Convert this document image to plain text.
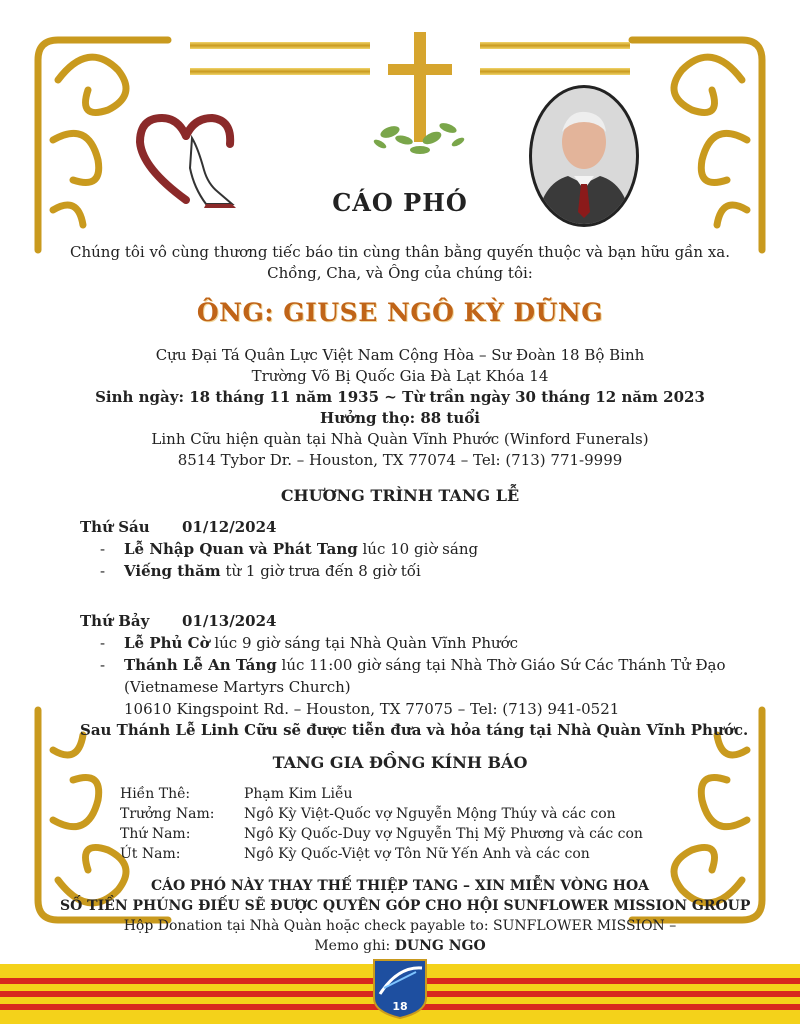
CÁO PHÓ
Chúng tôi vô cùng thương tiếc báo tin cùng thân bằng quyến thuộc và bạn hữu gần xa.
Chồng, Cha, và Ông của chúng tôi:
ÔNG: GIUSE NGÔ KỲ DŨNG
Cựu Đại Tá Quân Lực Việt Nam Cộng Hòa – Sư Đoàn 18 Bộ Binh
Trường Võ Bị Quốc Gia Đà Lạt Khóa 14
Sinh ngày: 18 tháng 11 năm 1935 ~ Từ trần ngày 30 tháng 12 năm 2023
Hưởng thọ: 88 tuổi
Linh Cữu hiện quàn tại Nhà Quàn Vĩnh Phước (Winford Funerals)
8514 Tybor Dr. – Houston, TX 77074 – Tel: (713) 771-9999
CHƯƠNG TRÌNH TANG LỄ
Thứ Sáu 01/12/2024
- Lễ Nhập Quan và Phát Tang lúc 10 giờ sáng
- Viếng thăm từ 1 giờ trưa đến 8 giờ tối
Thứ Bảy 01/13/2024
- Lễ Phủ Cờ lúc 9 giờ sáng tại Nhà Quàn Vĩnh Phước
- Thánh Lễ An Táng lúc 11:00 giờ sáng tại Nhà Thờ Giáo Sứ Các Thánh Tử Đạo
(Vietnamese Martyrs Church)
10610 Kingspoint Rd. – Houston, TX 77075 – Tel: (713) 941-0521
Sau Thánh Lễ Linh Cữu sẽ được tiễn đưa và hỏa táng tại Nhà Quàn Vĩnh Phước.
TANG GIA ĐỒNG KÍNH BÁO
Hiền Thê:	Phạm Kim Liễu
Trưởng Nam: Ngô Kỳ Việt-Quốc vợ Nguyễn Mộng Thúy và các con
Thứ Nam:	Ngô Kỳ Quốc-Duy vợ Nguyễn Thị Mỹ Phương và các con
Út Nam:	Ngô Kỳ Quốc-Việt vợ Tôn Nữ Yến Anh và các con
CÁO PHÓ NÀY THAY THẾ THIỆP TANG – XIN MIỄN VÒNG HOA
SỐ TIỀN PHÚNG ĐIẾU SẼ ĐƯỢC QUYÊN GÓP CHO HỘI SUNFLOWER MISSION GROUP
Hộp Donation tại Nhà Quàn hoặc check payable to: SUNFLOWER MISSION –
Memo ghi: DUNG NGO
18
